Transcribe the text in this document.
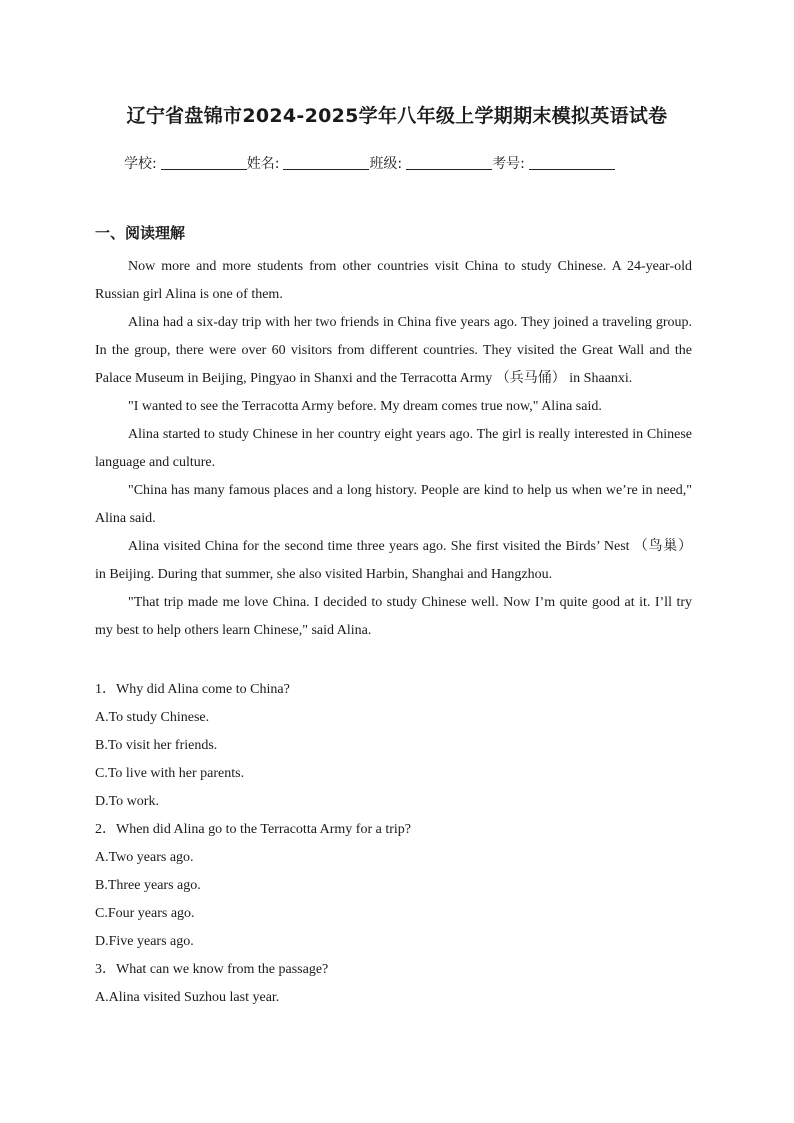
辽宁省盘锦市2024-2025学年八年级上学期期末模拟英语试卷
学校:	姓名:	班级:	考号:
一、阅读理解

Now more and more students from other countries visit China to study Chinese. A 24-year-old Russian girl Alina is one of them.

Alina had a six-day trip with her two friends in China five years ago. They joined a traveling group. In the group, there were over 60 visitors from different countries. They visited the Great Wall and the Palace Museum in Beijing, Pingyao in Shanxi and the Terracotta Army （兵马俑） in Shaanxi.

"I wanted to see the Terracotta Army before. My dream comes true now," Alina said.

Alina started to study Chinese in her country eight years ago. The girl is really interested in Chinese language and culture.

"China has many famous places and a long history. People are kind to help us when we’re in need," Alina said.

Alina visited China for the second time three years ago. She first visited the Birds’ Nest （鸟巢） in Beijing. During that summer, she also visited Harbin, Shanghai and Hangzhou.

"That trip made me love China. I decided to study Chinese well. Now I’m quite good at it. I’ll try my best to help others learn Chinese," said Alina.

1．Why did Alina come to China?
A.To study Chinese.
B.To visit her friends.
C.To live with her parents.
D.To work.
2．When did Alina go to the Terracotta Army for a trip?
A.Two years ago.
B.Three years ago.
C.Four years ago.
D.Five years ago.
3．What can we know from the passage?
A.Alina visited Suzhou last year.
